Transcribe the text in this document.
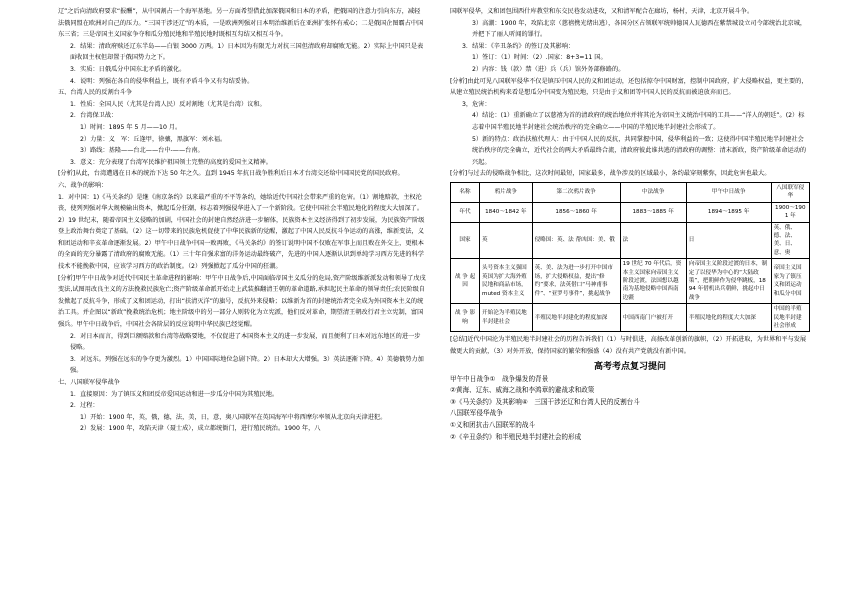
辽”之后向清政府要求“报酬”，从中国割占一个海军基地。另一方面希望借此加深俄国和日本的矛盾，把俄国的注意力引向东方，减轻法俄同盟在欧洲对自己的压力。“三国干涉还辽”的本质，一是欧洲列强对日本明治维新后在亚洲扩张怀有戒心；二是俄国企图霸占中国东三省；三是帝国主义国家争夺和瓜分殖民地和半殖民地时既相互勾结又相互斗争。

2．结果：清政府赎还辽东半岛——白银 3000 万两。1）日本因为有限无力对抗三国但清政府却腐败无能。2）实际上中国只是表面收回主权但却置于俄国势力之下。

3．实质：日俄瓜分中国东北矛盾的激化。

4．说明：列强在各自的侵华利益上，既有矛盾斗争又有勾结妥协。

五、台湾人民的反割台斗争

1．性质：全国人民（尤其是台湾人民）反对割地（尤其是台湾）议和。

2．台湾保卫战：

1）时间：1895 年 5 月——10 月。

2）力量：义　军：丘逢甲，徐骧，黑旗军：刘永福。

3）路线：基隆——台北——台中-——台南。

3．意义：充分表现了台湾军民维护祖国领土完整的高度的爱国主义精神。

[分析]从此，台湾遭遇在日本的统治下达 50 年之久。直到 1945 年抗日战争胜利后日本才台湾交还给中国国民党的国民政府。

六、战争的影响：

1．对中国：1)《马关条约》是继《南京条约》以来最严重的不平等条约，她给近代中国社会带来严重的危害。（1）割地赔款，主权沦丧，使列列强对华大规模输出资本，掀起瓜分狂潮，标志着列强侵华进入了一个新阶段。它使中国社会半殖民地化的程度大大加深了。2）19 世纪末，随着帝国主义侵略的加剧，中国社会的封建自然经济进一步解体，民族资本主义经济得到了初步发展，为民族资产阶级登上政治舞台奠定了基础。（2）这一切带来的民族危机促使了中华民族新的觉醒，激起了中国人民反抗斗争运动的高涨，维新变法，义和团运动和辛亥革命逐渐发展。2）甲午中日战争中国一败再败，《马关条约》的签订说明中国不仅败在军事上而且败在外交上，更根本的全面的充分暴露了清政府的腐败无能。（1）三十年自强求富的洋务运动最终破产，先进的中国人逐渐认识到单纯学习西方先进的科学技术不能挽救中国，应该学习西方的政治制度。（2）列强掀起了瓜分中国的狂潮。

[分析]甲午中日战争对近代中国民主革命进程的影响：甲午中日战争后,中国面临帝国主义瓜分的危局,资产阶级维新派发动和领导了戊戌变法,试图用改良主义的方法挽救民族危亡;资产阶级革命派开始走上武装推翻清王朝的革命道路,承担起民主革命的领导责任;农民阶级自发掀起了反抗斗争，形成了义和团运动，打出“扶清灭洋”的旗号，反抗外来侵略；以维新为首的封建统治者完全成为外国资本主义的统治工具。并企图以“新政”挽救统治危机；地主阶级中的另一部分人则转化为立宪派，他们反对革命，期望清王朝改行君主立宪制，富国强兵。甲午中日战争后，中国社会各阶层的反应说明中华民族已经觉醒。

2．对日本而言，得到巨额赔款和台湾等战略要地，不仅促进了本国资本主义的进一步发展，而且便利了日本对远东地区的进一步侵略。

3．对远东。列强在远东的争夺更为激烈。1）中国国际地位急剧下降。2）日本却大大增强。3）英法逐渐下降。4）美德俄势力加强。

七、八国联军侵华战争

1．直接原因：为了镇压义和团反帝爱国运动和进一步瓜分中国为其殖民地。

2．过程：

1）开始：1900 年，英，俄，德，法，美，日，意，奥八国联军在英国海军中将西摩尔率领从北京向天津进犯。

2）发展：1900 年，攻陷天津（聂士成），成立都统衙门，进行殖民统治。1900 年，八

国联军侵华，义和团包围西什库教堂和东交民巷发动进攻，又和清军配合在廊坊，杨村，天津，北京开展斗争。

3）高潮：1900 年，攻陷北京（慈禧携光绪出逃），各国分区占领联军统帅德国人瓦德西在紫禁城设立司令部统治北京城，并把下了丽人听闻的罪行。

3．结果：《辛丑条约》的签订及其影响：

1）签订：（1）时间：（2）.国家：8+3=11 国。

2）内容：钱（款）禁（进）兵（兵）馆外务部修路的。

[分析]由此可见八国联军侵华不仅是镇压中国人民的义和团运动，还包括掠夺中国财富，控制中国政府，扩大侵略权益，更主要的，从建立殖民统治机构来看是想瓜分中国变为殖民地，只是由于义和团等中国人民的反抗而被迫放弃而已。

3，危害：

4）结论：(1）重新确立了以慈禧为首的清政府的统治地位并将其沦为帝国主义统治中国的工具——“洋人的朝廷”。(2）标志着中国半殖民地半封建社会统治秩序的完全确立——中国的半殖民地半封建社会形成了。

5）新的特点：政治扶植代理人：由于中国人民的反抗，共同掌握中国，侵华利益的一致；这使得中国半殖民地半封建社会统治秩序的完全确立，近代社会的两大矛盾最终合流，清政府彼此谁共逃的清政府的调整：清末新政，资产阶级革命运动的兴起。

[分析]与过去的侵略战争相比，这次时间最短，国家最多，战争涉及的区域最小，条约最穿刻紫弥，因此危害也最大。

名称	鸦片战争	第二次鸦片战争	中法战争	甲午中日战争	八国联军侵华
年代	1840～1842 年	1856～1860 年	1883～1885 年	1894～1895 年	1900～1901 年
国家	英	侵略国：英、法 帮凶国：美、俄	法	日	英、俄、德、法、美、日、意、奥
战 争 起 因	头号资本主义强国英国为扩大海外殖民地和商品市场，muted 资本主义	英、美、法为进一步打开中国市场，扩大侵略权益，提出“修约”要求，法英借口“马神甫事件”、“亚罗号事件”，挑起战争	19 世纪 70 年代后，资本主义国家向帝国主义阶段过渡，法国想以越南为基地侵略中国西南边疆	向帝国主义阶段过渡的日本，制定了以侵华为中心的“大陆政策”，把朝鲜作为侵华跳板，1894 年借机出兵朝鲜，挑起中日战争	帝国主义国家为了镇压义和团运动和瓜分中国
战 争 影 响	开始沦为半殖民地半封建社会	半殖民地半封建化的程度加深	中国西南门户被打开	半殖民地化的程度大大加深	中国的半殖民地半封建社会形成

[总结]近代中国沦为半殖民地半封建社会的历程告诉我们（1）与时俱进，高扬改革创新的旗帜，（2）开拓进取，为世界和平与发展做更大的贡献，（3）对外开放，保持国家的繁荣和强盛（4）没有共产党就没有新中国。

高考考点复习提问

甲午中日战争①　战争爆发的背景

②黄海、辽东、威海之战和李鸿章的避战求和政策

③《马关条约》及其影响④　三国干涉还辽和台湾人民的反割台斗

八国联军侵华战争

①义和团抗击八国联军的战斗

②《辛丑条约》和半殖民地半封建社会的形成
